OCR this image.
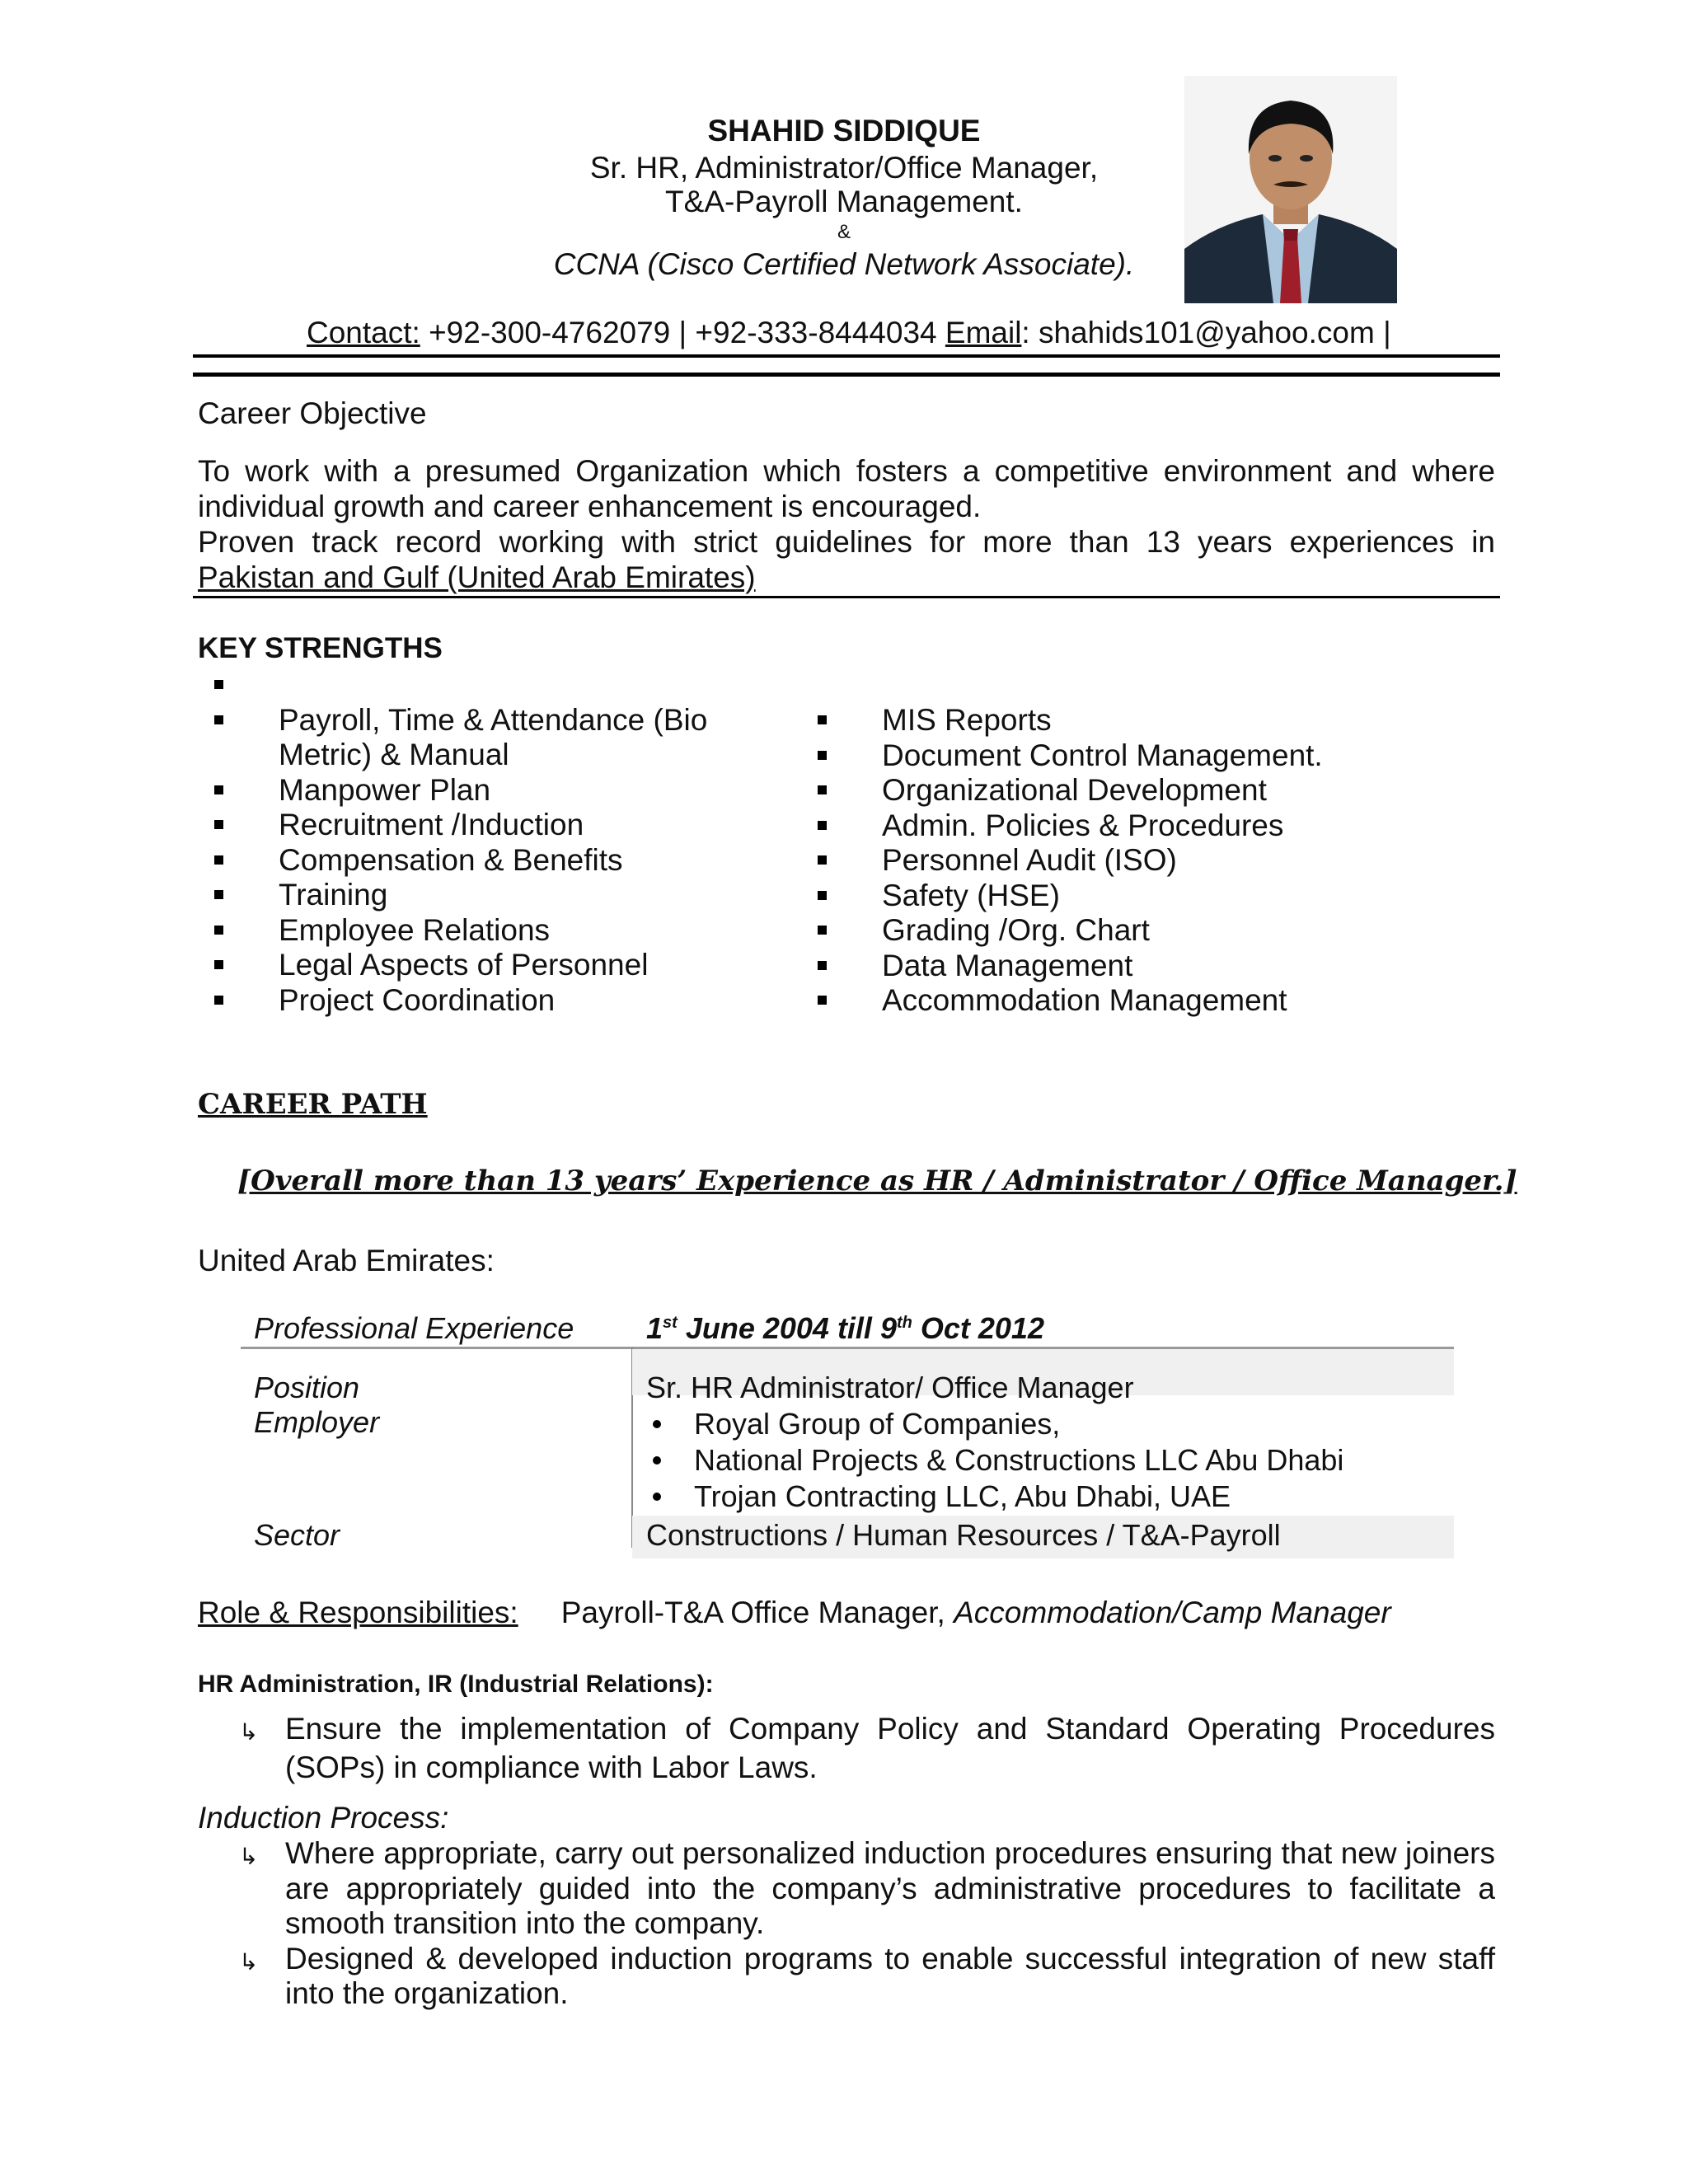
SHAHID SIDDIQUE
Sr. HR, Administrator/Office Manager,
T&A-Payroll Management.
&
CCNA (Cisco Certified Network Associate).
Contact: +92-300-4762079 | +92-333-8444034 Email: shahids101@yahoo.com |
Career Objective
To work with a presumed Organization which fosters a competitive environment and where individual growth and career enhancement is encouraged.
Proven track record working with strict guidelines for more than 13 years experiences in
Pakistan and Gulf (United Arab Emirates)
KEY STRENGTHS
Payroll, Time & Attendance (Bio Metric) & Manual
Manpower Plan
Recruitment /Induction
Compensation & Benefits
Training
Employee Relations
Legal Aspects of Personnel
Project Coordination
MIS Reports
Document Control Management.
Organizational Development
Admin. Policies & Procedures
Personnel Audit (ISO)
Safety (HSE)
Grading /Org. Chart
Data Management
Accommodation Management
CAREER PATH
[Overall more than 13 years’ Experience as HR / Administrator / Office Manager.]
United Arab Emirates:
Professional Experience 1st June 2004 till 9th Oct 2012
Position	Sr. HR Administrator/ Office Manager
Employer	Royal Group of Companies,
National Projects & Constructions LLC Abu Dhabi
Trojan Contracting LLC, Abu Dhabi, UAE
Sector	Constructions / Human Resources / T&A-Payroll
Role & Responsibilities: Payroll-T&A Office Manager, Accommodation/Camp Manager
HR Administration, IR (Industrial Relations):
↳ Ensure the implementation of Company Policy and Standard Operating Procedures (SOPs) in compliance with Labor Laws.
Induction Process:
↳ Where appropriate, carry out personalized induction procedures ensuring that new joiners are appropriately guided into the company’s administrative procedures to facilitate a smooth transition into the company.
↳ Designed & developed induction programs to enable successful integration of new staff into the organization.
